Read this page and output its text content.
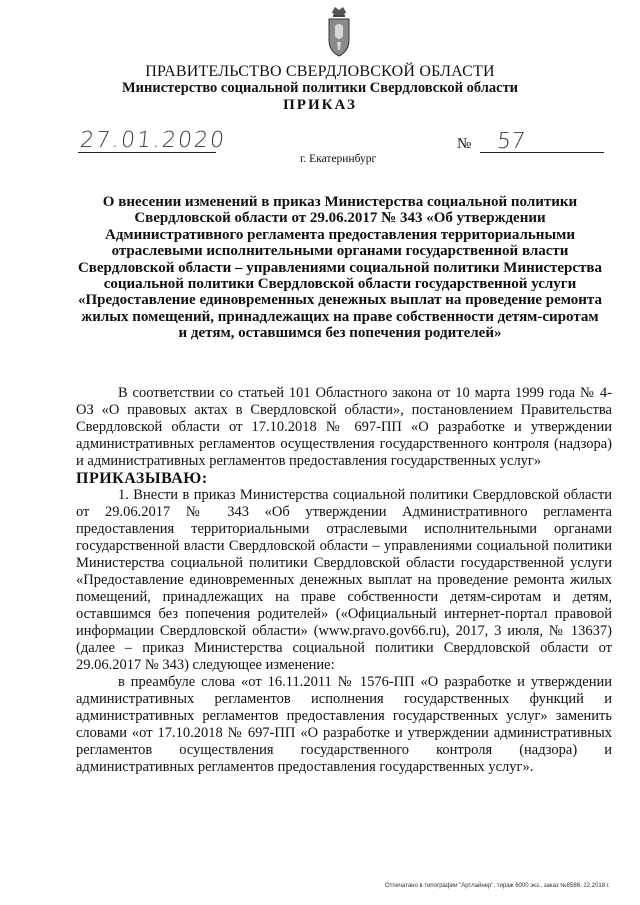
ПРАВИТЕЛЬСТВО СВЕРДЛОВСКОЙ ОБЛАСТИ
Министерство социальной политики Свердловской области
ПРИКАЗ
27.01.2020	№ 57
г. Екатеринбург
О внесении изменений в приказ Министерства социальной политики
Свердловской области от 29.06.2017 № 343 «Об утверждении
Административного регламента предоставления территориальными
отраслевыми исполнительными органами государственной власти
Свердловской области – управлениями социальной политики Министерства
социальной политики Свердловской области государственной услуги
«Предоставление единовременных денежных выплат на проведение ремонта
жилых помещений, принадлежащих на праве собственности детям-сиротам
и детям, оставшимся без попечения родителей»

В соответствии со статьей 101 Областного закона от 10 марта 1999 года № 4-ОЗ «О правовых актах в Свердловской области», постановлением Правительства Свердловской области от 17.10.2018 № 697-ПП «О разработке и утверждении административных регламентов осуществления государственного контроля (надзора) и административных регламентов предоставления государственных услуг»

ПРИКАЗЫВАЮ:

1. Внести в приказ Министерства социальной политики Свердловской области от 29.06.2017 № 343 «Об утверждении Административного регламента предоставления территориальными отраслевыми исполнительными органами государственной власти Свердловской области – управлениями социальной политики Министерства социальной политики Свердловской области государственной услуги «Предоставление единовременных денежных выплат на проведение ремонта жилых помещений, принадлежащих на праве собственности детям-сиротам и детям, оставшимся без попечения родителей» («Официальный интернет-портал правовой информации Свердловской области» (www.pravo.gov66.ru), 2017, 3 июля, № 13637) (далее – приказ Министерства социальной политики Свердловской области от 29.06.2017 № 343) следующее изменение:

в преамбуле слова «от 16.11.2011 № 1576-ПП «О разработке и утверждении административных регламентов исполнения государственных функций и административных регламентов предоставления государственных услуг» заменить словами «от 17.10.2018 № 697-ПП «О разработке и утверждении административных регламентов осуществления государственного контроля (надзора) и административных регламентов предоставления государственных услуг».

Отпечатано в типографии "Артлайнер", тираж 6000 экз., заказ №8586. 12.2018 г.
